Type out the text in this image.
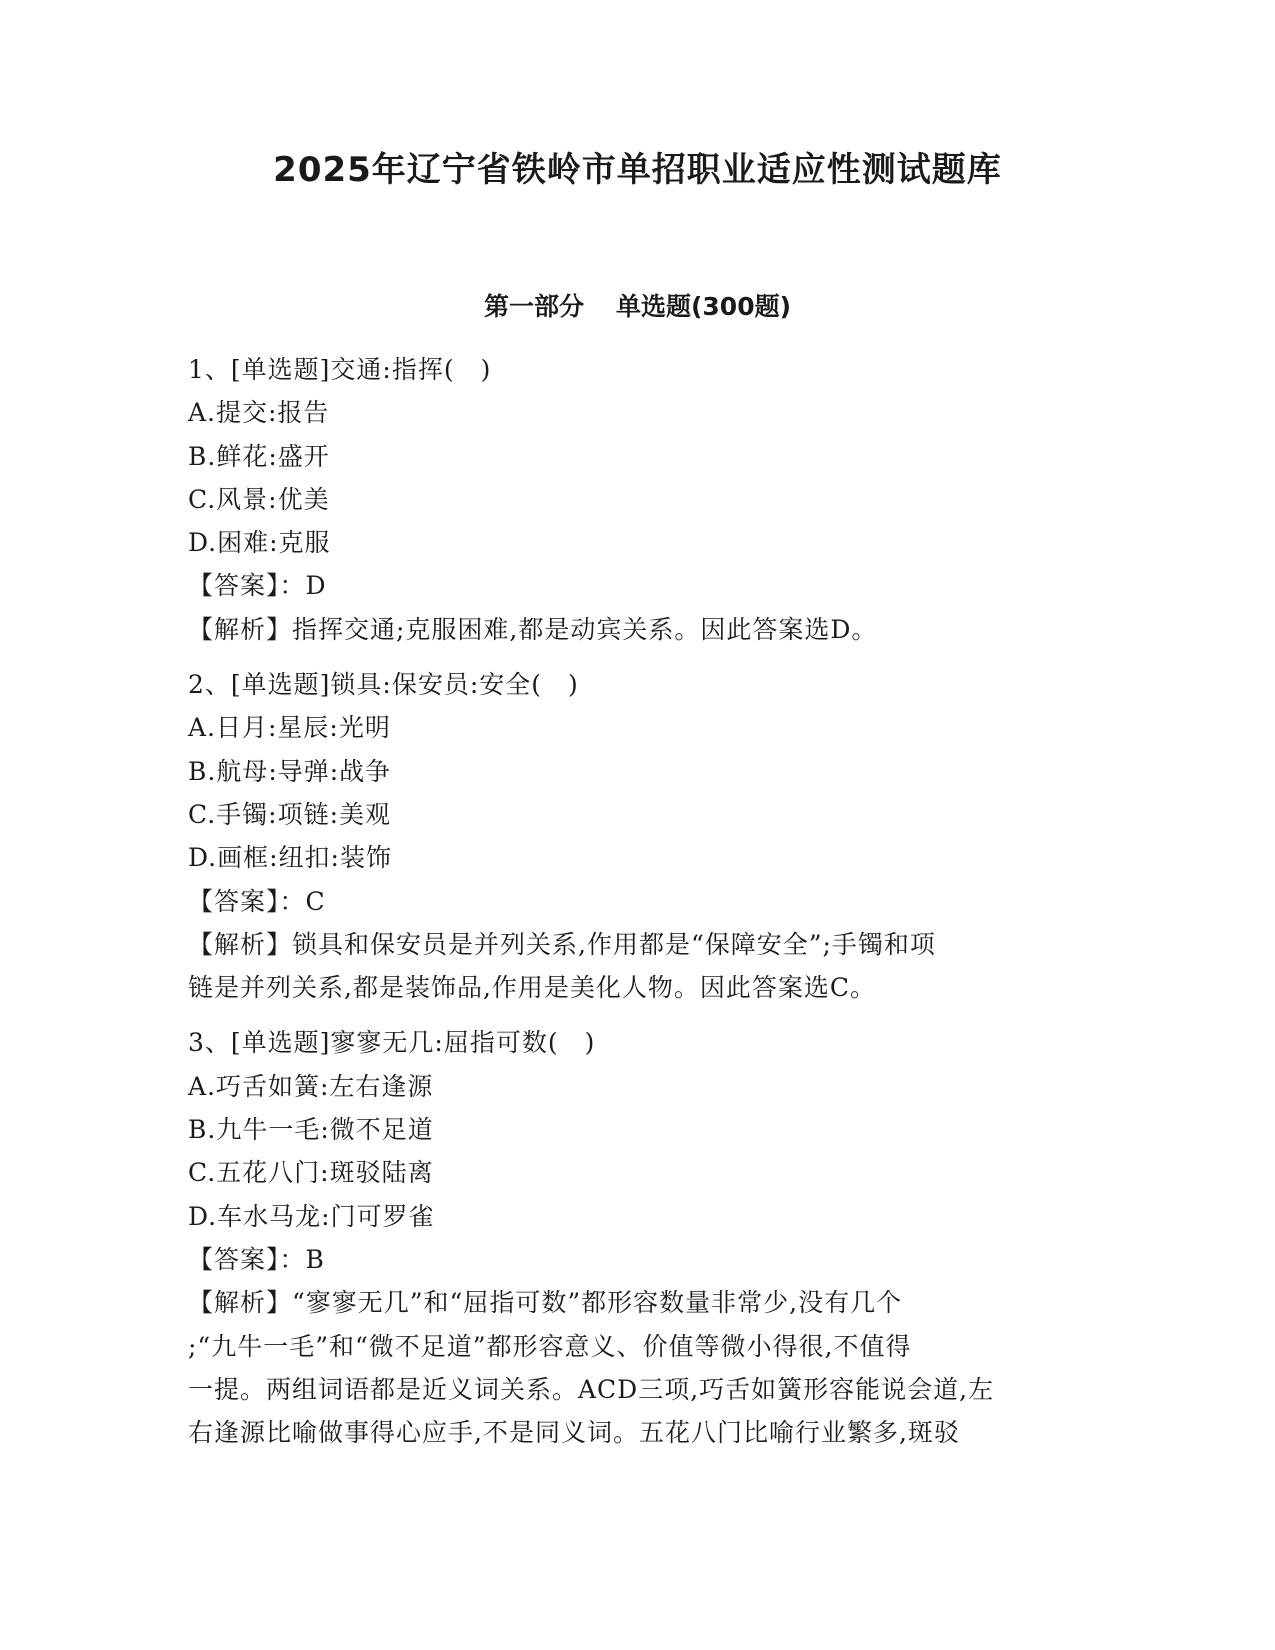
2025年辽宁省铁岭市单招职业适应性测试题库
第一部分 单选题(300题)
1、[单选题]交通:指挥(　)
A.提交:报告
B.鲜花:盛开
C.风景:优美
D.困难:克服
【答案】：D
【解析】指挥交通;克服困难,都是动宾关系。因此答案选D。
2、[单选题]锁具:保安员:安全(　)
A.日月:星辰:光明
B.航母:导弹:战争
C.手镯:项链:美观
D.画框:纽扣:装饰
【答案】：C
【解析】锁具和保安员是并列关系,作用都是“保障安全”;手镯和项
链是并列关系,都是装饰品,作用是美化人物。因此答案选C。
3、[单选题]寥寥无几:屈指可数(　)
A.巧舌如簧:左右逢源
B.九牛一毛:微不足道
C.五花八门:斑驳陆离
D.车水马龙:门可罗雀
【答案】：B
【解析】“寥寥无几”和“屈指可数”都形容数量非常少,没有几个
;“九牛一毛”和“微不足道”都形容意义、价值等微小得很,不值得
一提。两组词语都是近义词关系。ACD三项,巧舌如簧形容能说会道,左
右逢源比喻做事得心应手,不是同义词。五花八门比喻行业繁多,斑驳
